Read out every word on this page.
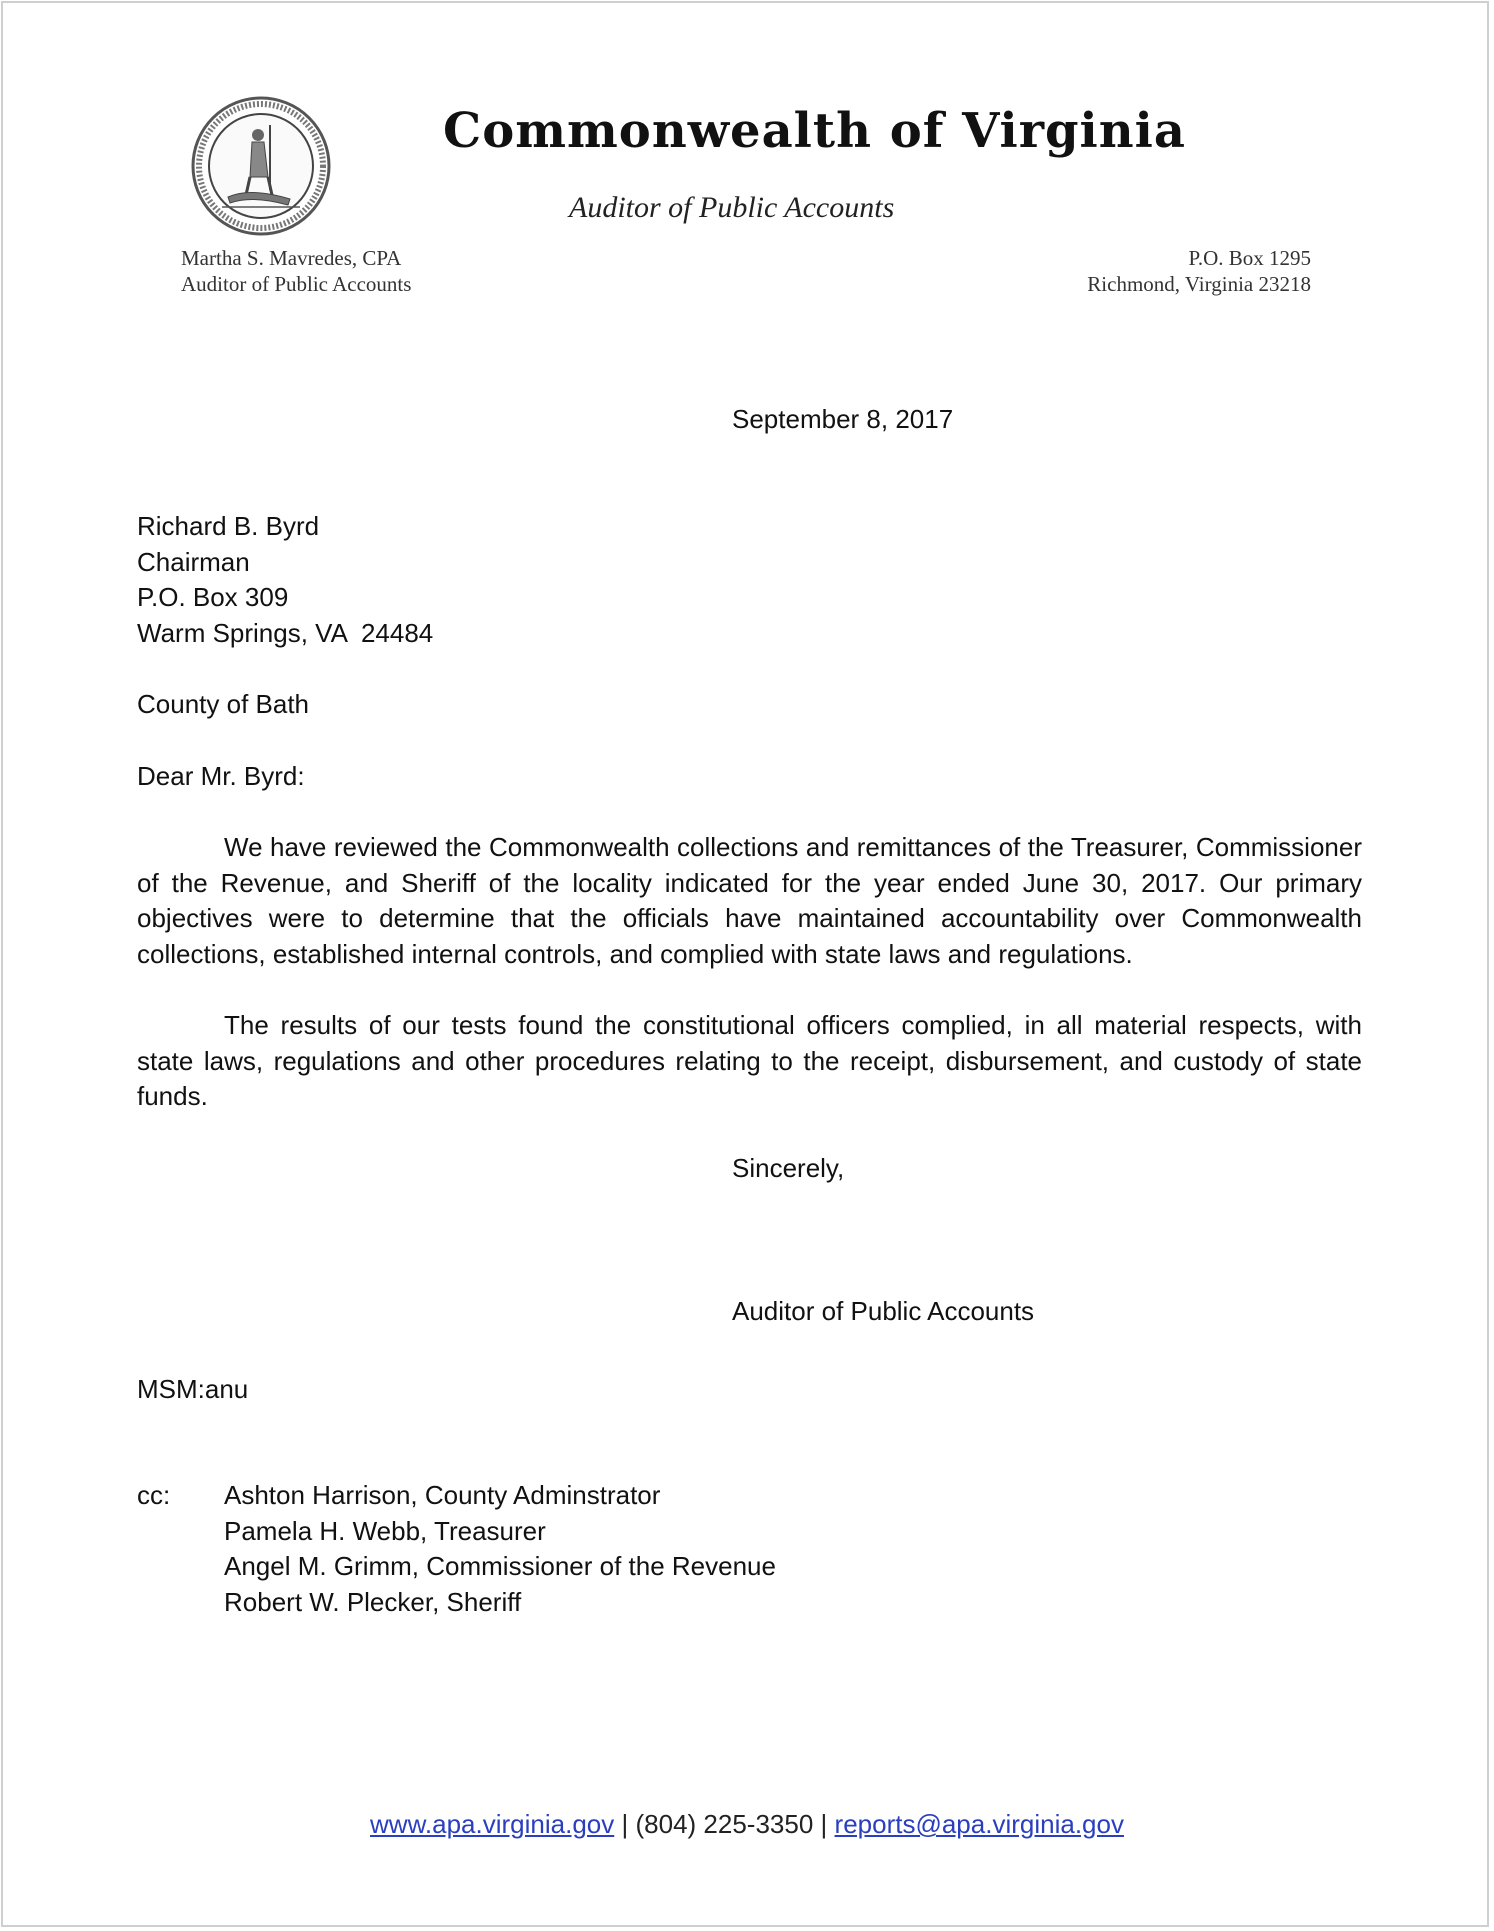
Commonwealth of Virginia
Auditor of Public Accounts
Martha S. Mavredes, CPA
Auditor of Public Accounts
P.O. Box 1295
Richmond, Virginia 23218
September 8, 2017
Richard B. Byrd
Chairman
P.O. Box 309
Warm Springs, VA  24484
County of Bath
Dear Mr. Byrd:
We have reviewed the Commonwealth collections and remittances of the Treasurer, Commissioner of the Revenue, and Sheriff of the locality indicated for the year ended June 30, 2017. Our primary objectives were to determine that the officials have maintained accountability over Commonwealth collections, established internal controls, and complied with state laws and regulations.
The results of our tests found the constitutional officers complied, in all material respects, with state laws, regulations and other procedures relating to the receipt, disbursement, and custody of state funds.
Sincerely,
Auditor of Public Accounts
MSM:anu
cc: Ashton Harrison, County Adminstrator
Pamela H. Webb, Treasurer
Angel M. Grimm, Commissioner of the Revenue
Robert W. Plecker, Sheriff
www.apa.virginia.gov | (804) 225-3350 | reports@apa.virginia.gov
